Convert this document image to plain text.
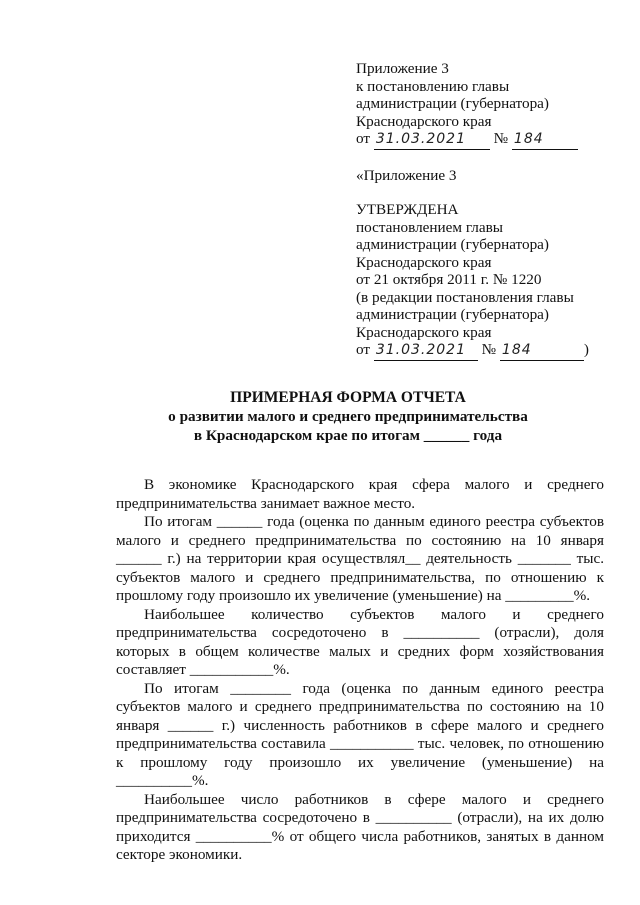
Приложение 3
к постановлению главы
администрации (губернатора)
Краснодарского края
от 31.03.2021 № 184
«Приложение 3
УТВЕРЖДЕНА
постановлением главы
администрации (губернатора)
Краснодарского края
от 21 октября 2011 г. № 1220
(в редакции постановления главы
администрации (губернатора)
Краснодарского края
от 31.03.2021 № 184	)
ПРИМЕРНАЯ ФОРМА ОТЧЕТА
о развитии малого и среднего предпринимательства
в Краснодарском крае по итогам ______ года

В экономике Краснодарского края сфера малого и среднего предпринимательства занимает важное место.

По итогам ______ года (оценка по данным единого реестра субъектов малого и среднего предпринимательства по состоянию на 10 января ______ г.) на территории края осуществлял__ деятельность _______ тыс. субъектов малого и среднего предпринимательства, по отношению к прошлому году произошло их увеличение (уменьшение) на _________%.

Наибольшее количество субъектов малого и среднего предпринимательства сосредоточено в __________ (отрасли), доля которых в общем количестве малых и средних форм хозяйствования составляет ___________%.

По итогам ________ года (оценка по данным единого реестра субъектов малого и среднего предпринимательства по состоянию на 10 января ______ г.) численность работников в сфере малого и среднего предпринимательства составила ___________ тыс. человек, по отношению к прошлому году произошло их увеличение (уменьшение) на __________%.

Наибольшее число работников в сфере малого и среднего предпринимательства сосредоточено в __________ (отрасли), на их долю приходится __________% от общего числа работников, занятых в данном секторе экономики.
